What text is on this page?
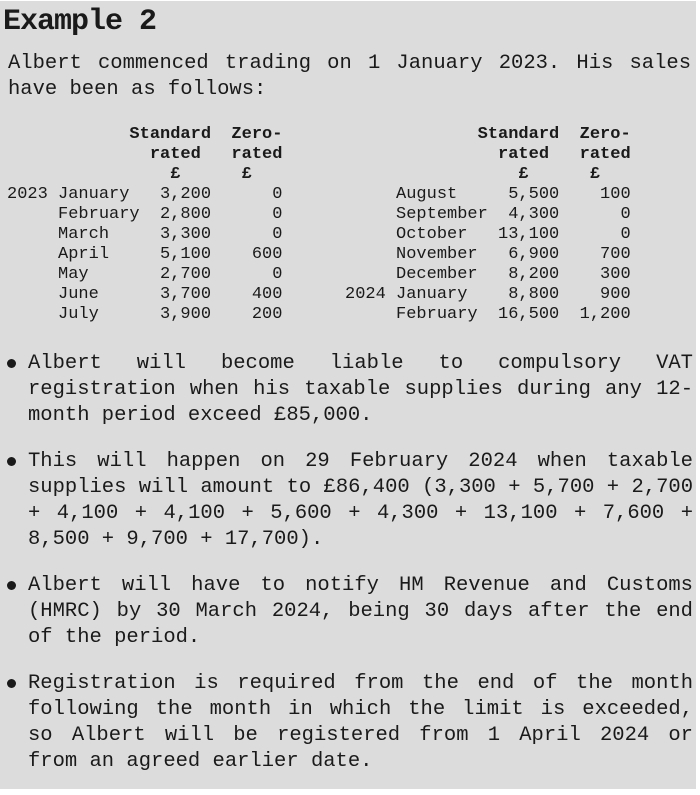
Example 2

Albert commenced trading on 1 January 2023. His sales
have been as follows:

Standard  Zero-
rated   rated
£      £
2023 January   3,200      0
February  2,800      0
March     3,300      0
April     5,100    600
May       2,700      0
June      3,700    400
July      3,900    200
Standard  Zero-
rated   rated
£      £
August     5,500    100
September  4,300      0
October   13,100      0
November   6,900    700
December   8,200    300
2024 January    8,800    900
February  16,500  1,200
Albert will become liable to compulsory VAT
registration when his taxable supplies during any 12-
month period exceed £85,000.
This will happen on 29 February 2024 when taxable
supplies will amount to £86,400 (3,300 + 5,700 + 2,700
+ 4,100 + 4,100 + 5,600 + 4,300 + 13,100 + 7,600 +
8,500 + 9,700 + 17,700).
Albert will have to notify HM Revenue and Customs
(HMRC) by 30 March 2024, being 30 days after the end
of the period.
Registration is required from the end of the month
following the month in which the limit is exceeded,
so Albert will be registered from 1 April 2024 or
from an agreed earlier date.
